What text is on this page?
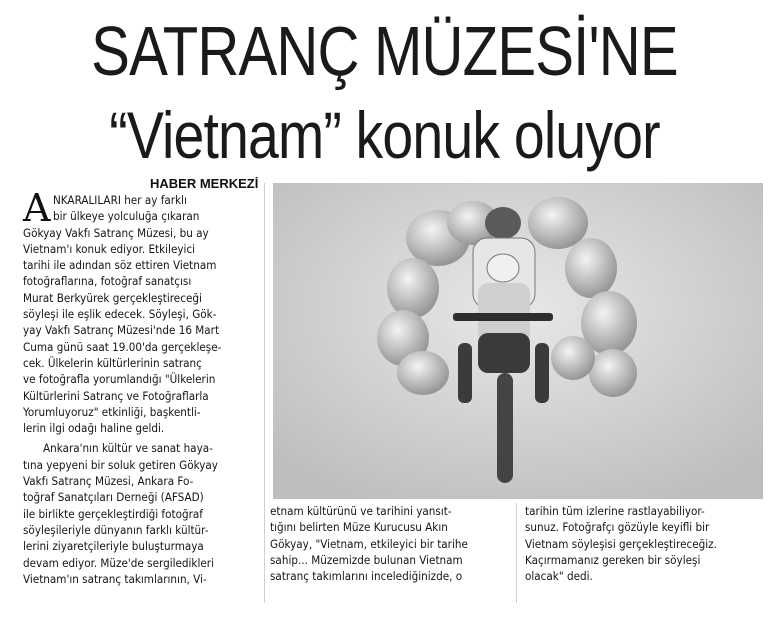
SATRANÇ MÜZESİ'NE
“Vietnam” konuk oluyor
HABER MERKEZİ
A NKARALILARI her ay farklı
bir ülkeye yolculuğa çıkaran
Gökyay Vakfı Satranç Müzesi, bu ay
Vietnam'ı konuk ediyor. Etkileyici
tarihi ile adından söz ettiren Vietnam
fotoğraflarına, fotoğraf sanatçısı
Murat Berkyürek gerçekleştireceği
söyleşi ile eşlik edecek. Söyleşi, Gök-
yay Vakfı Satranç Müzesi'nde 16 Mart
Cuma günü saat 19.00'da gerçekleşe-
cek. Ülkelerin kültürlerinin satranç
ve fotoğrafla yorumlandığı "Ülkelerin
Kültürlerini Satranç ve Fotoğraflarla
Yorumluyoruz" etkinliği, başkentli-
lerin ilgi odağı haline geldi.
Ankara'nın kültür ve sanat haya-
tına yepyeni bir soluk getiren Gökyay
Vakfı Satranç Müzesi, Ankara Fo-
toğraf Sanatçıları Derneği (AFSAD)
ile birlikte gerçekleştirdiği fotoğraf
söyleşileriyle dünyanın farklı kültür-
lerini ziyaretçileriyle buluşturmaya
devam ediyor. Müze'de sergiledikleri
Vietnam'ın satranç takımlarının, Vi-
etnam kültürünü ve tarihini yansıt-
tığını belirten Müze Kurucusu Akın
Gökyay, "Vietnam, etkileyici bir tarihe
sahip... Müzemizde bulunan Vietnam
satranç takımlarını incelediğinizde, o
tarihin tüm izlerine rastlayabiliyor-
sunuz. Fotoğrafçı gözüyle keyifli bir
Vietnam söyleşisi gerçekleştireceğiz.
Kaçırmamanız gereken bir söyleşi
olacak" dedi.
